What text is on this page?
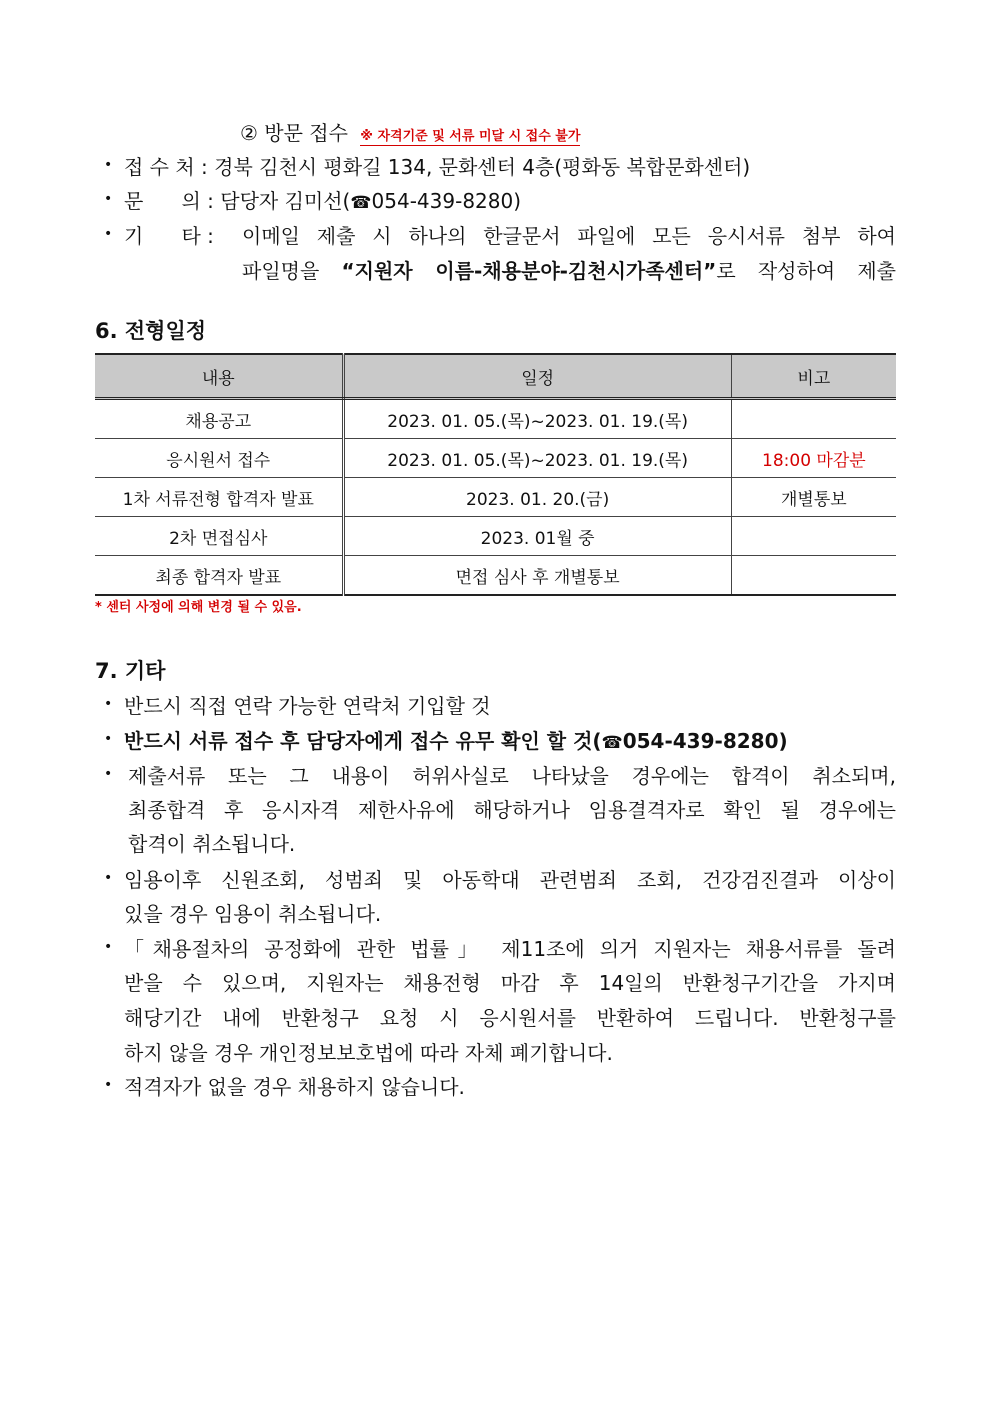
② 방문 접수 ※ 자격기준 및 서류 미달 시 접수 불가
• 접 수 처 : 경북 김천시 평화길 134, 문화센터 4층(평화동 복합문화센터)
• 문      의 : 담당자 김미선(☎054-439-8280)
• 기      타 : 이메일 제출 시 하나의 한글문서 파일에 모든 응시서류 첨부 하여
파일명을 “지원자 이름-채용분야-김천시가족센터”로 작성하여 제출
6. 전형일정
내용	일정	비고
채용공고	2023. 01. 05.(목)~2023. 01. 19.(목)	
응시원서 접수	2023. 01. 05.(목)~2023. 01. 19.(목)	18:00 마감분
1차 서류전형 합격자 발표	2023. 01. 20.(금)	개별통보
2차 면접심사	2023. 01월 중	
최종 합격자 발표	면접 심사 후 개별통보	
* 센터 사정에 의해 변경 될 수 있음.
7. 기타
• 반드시 직접 연락 가능한 연락처 기입할 것
• 반드시 서류 접수 후 담당자에게 접수 유무 확인 할 것(☎054-439-8280)
• 제출서류 또는 그 내용이 허위사실로 나타났을 경우에는 합격이 취소되며,
최종합격 후 응시자격 제한사유에 해당하거나 임용결격자로 확인 될 경우에는
합격이 취소됩니다.
• 임용이후 신원조회, 성범죄 및 아동학대 관련범죄 조회, 건강검진결과 이상이
있을 경우 임용이 취소됩니다.
• 「채용절차의 공정화에 관한 법률」 제11조에 의거 지원자는 채용서류를 돌려
받을 수 있으며, 지원자는 채용전형 마감 후 14일의 반환청구기간을 가지며
해당기간 내에 반환청구 요청 시 응시원서를 반환하여 드립니다. 반환청구를
하지 않을 경우 개인정보보호법에 따라 자체 폐기합니다.
• 적격자가 없을 경우 채용하지 않습니다.
